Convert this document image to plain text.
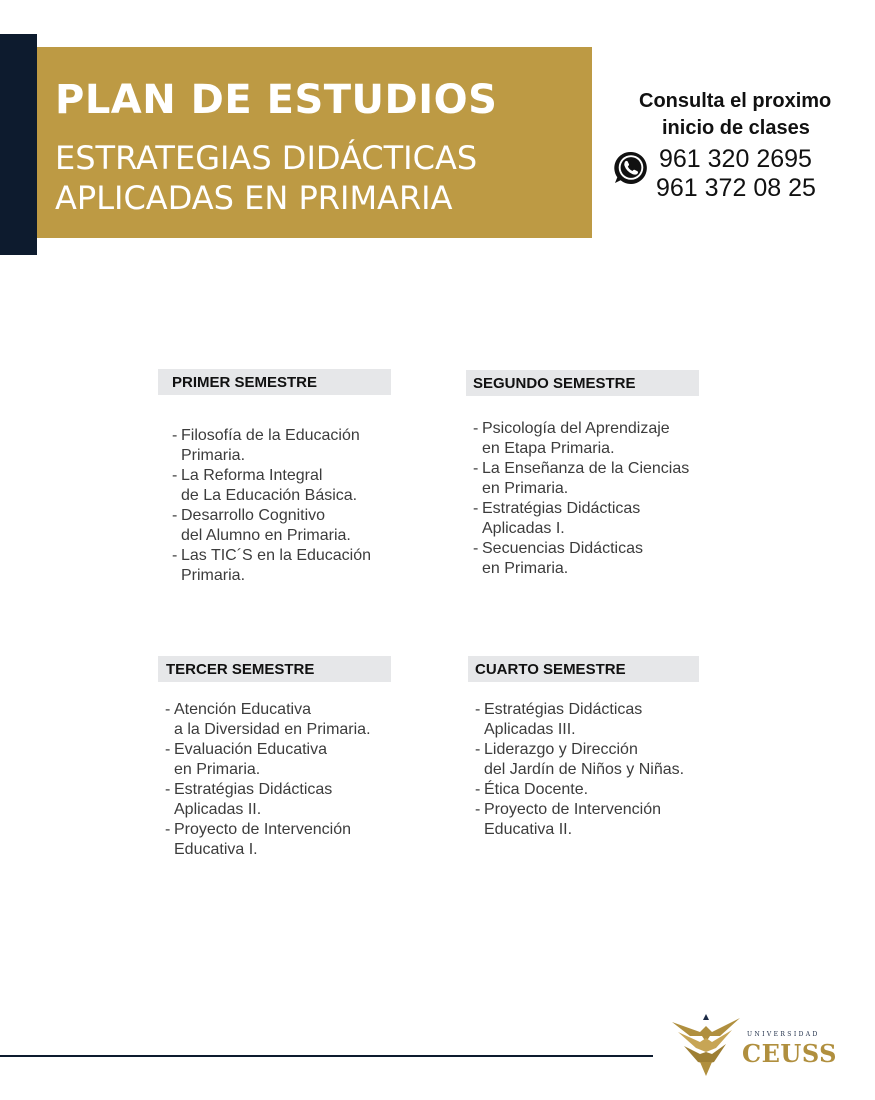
PLAN DE ESTUDIOS
ESTRATEGIAS DIDÁCTICAS
APLICADAS EN PRIMARIA
Consulta el proximo
inicio de clases
961 320 2695
961 372 08 25
PRIMER SEMESTRE
- Filosofía de la Educación
Primaria.
- La Reforma Integral
de La Educación Básica.
- Desarrollo Cognitivo
del Alumno en Primaria.
- Las TIC´S en la Educación
Primaria.
SEGUNDO SEMESTRE
- Psicología del Aprendizaje
en Etapa Primaria.
- La Enseñanza de la Ciencias
en Primaria.
- Estratégias Didácticas
Aplicadas I.
- Secuencias Didácticas
en Primaria.
TERCER SEMESTRE
- Atención Educativa
a la Diversidad en Primaria.
- Evaluación Educativa
en Primaria.
- Estratégias Didácticas
Aplicadas II.
- Proyecto de Intervención
Educativa I.
CUARTO SEMESTRE
- Estratégias Didácticas
Aplicadas III.
- Liderazgo y Dirección
del Jardín de Niños y Niñas.
- Ética Docente.
- Proyecto de Intervención
Educativa II.
UNIVERSIDAD
CEUSS
